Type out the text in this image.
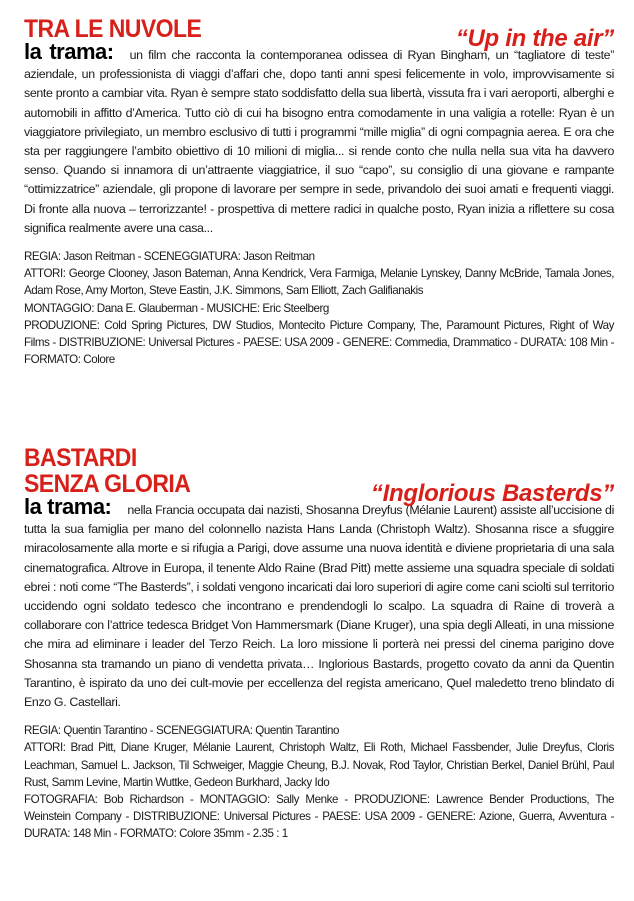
TRA LE NUVOLE	“Up in the air”

la trama: un film che racconta la contemporanea odissea di Ryan Bingham, un “tagliatore di teste” aziendale, un professionista di viaggi d’affari che, dopo tanti anni spesi felicemente in volo, improvvisamente si sente pronto a cambiar vita. Ryan è sempre stato soddisfatto della sua libertà, vissuta fra i vari aeroporti, alberghi e automobili in affitto d’America. Tutto ciò di cui ha bisogno entra comodamente in una valigia a rotelle: Ryan è un viaggiatore privilegiato, un membro esclusivo di tutti i programmi “mille miglia” di ogni compagnia aerea. E ora che sta per raggiungere l’ambito obiettivo di 10 milioni di miglia... si rende conto che nulla nella sua vita ha davvero senso. Quando si innamora di un’attraente viaggiatrice, il suo “capo”, su consiglio di una giovane e rampante “ottimizzatrice” aziendale, gli propone di lavorare per sempre in sede, privandolo dei suoi amati e frequenti viaggi. Di fronte alla nuova – terrorizzante! - prospettiva di mettere radici in qualche posto, Ryan inizia a riflettere su cosa significa realmente avere una casa...

REGIA: Jason Reitman - SCENEGGIATURA: Jason Reitman

ATTORI: George Clooney, Jason Bateman, Anna Kendrick, Vera Farmiga, Melanie Lynskey, Danny McBride, Tamala Jones, Adam Rose, Amy Morton, Steve Eastin, J.K. Simmons, Sam Elliott, Zach Galifianakis

MONTAGGIO: Dana E. Glauberman - MUSICHE: Eric Steelberg

PRODUZIONE: Cold Spring Pictures, DW Studios, Montecito Picture Company, The, Paramount Pictures, Right of Way Films - DISTRIBUZIONE: Universal Pictures - PAESE: USA 2009 - GENERE: Commedia, Drammatico - DURATA: 108 Min - FORMATO: Colore

BASTARDI
SENZA GLORIA	“Inglorious Basterds”

la trama: nella Francia occupata dai nazisti, Shosanna Dreyfus (Mélanie Laurent) assiste all’uccisione di tutta la sua famiglia per mano del colonnello nazista Hans Landa (Christoph Waltz). Shosanna risce a sfuggire miracolosamente alla morte e si rifugia a Parigi, dove assume una nuova identità e diviene proprietaria di una sala cinematografica. Altrove in Europa, il tenente Aldo Raine (Brad Pitt) mette assieme una squadra speciale di soldati ebrei : noti come “The Basterds”, i soldati vengono incaricati dai loro superiori di agire come cani sciolti sul territorio uccidendo ogni soldato tedesco che incontrano e prendendogli lo scalpo. La squadra di Raine di troverà a collaborare con l’attrice tedesca Bridget Von Hammersmark (Diane Kruger), una spia degli Alleati, in una missione che mira ad eliminare i leader del Terzo Reich. La loro missione li porterà nei pressi del cinema parigino dove Shosanna sta tramando un piano di vendetta privata… Inglorious Bastards, progetto covato da anni da Quentin Tarantino, è ispirato da uno dei cult-movie per eccellenza del regista americano, Quel maledetto treno blindato di Enzo G. Castellari.

REGIA: Quentin Tarantino - SCENEGGIATURA: Quentin Tarantino

ATTORI: Brad Pitt, Diane Kruger, Mélanie Laurent, Christoph Waltz, Eli Roth, Michael Fassbender, Julie Dreyfus, Cloris Leachman, Samuel L. Jackson, Til Schweiger, Maggie Cheung, B.J. Novak, Rod Taylor, Christian Berkel, Daniel Brühl, Paul Rust, Samm Levine, Martin Wuttke, Gedeon Burkhard, Jacky Ido

FOTOGRAFIA: Bob Richardson - MONTAGGIO: Sally Menke - PRODUZIONE: Lawrence Bender Productions, The Weinstein Company - DISTRIBUZIONE: Universal Pictures - PAESE: USA 2009 - GENERE: Azione, Guerra, Avventura - DURATA: 148 Min - FORMATO: Colore 35mm - 2.35 : 1
